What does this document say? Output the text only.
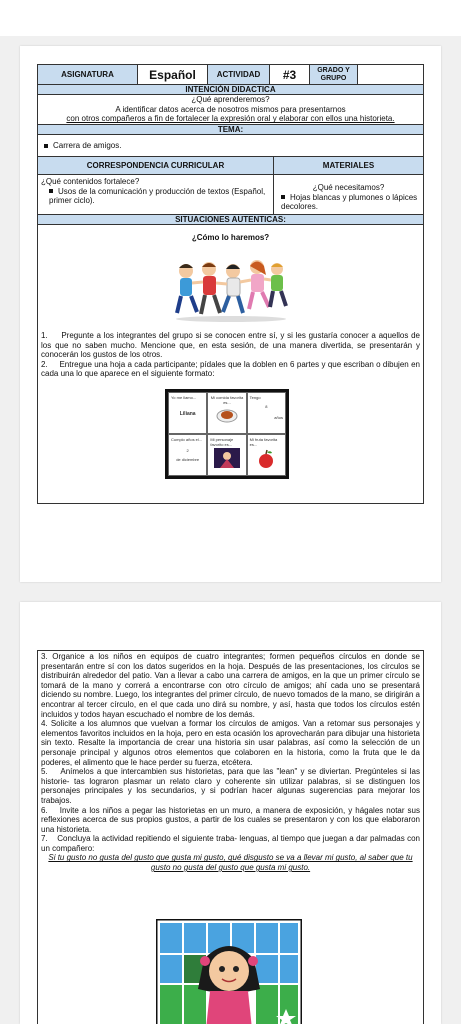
ASIGNATURA	Español	ACTIVIDAD	#3	GRADO Y GRUPO
INTENCIÓN DIDACTICA
¿Qué aprenderemos?
A identificar datos acerca de nosotros mismos para presentarnos
con otros compañeros a fin de fortalecer la expresión oral y elaborar con ellos una historieta.
TEMA:
Carrera de amigos.
CORRESPONDENCIA CURRICULAR	MATERIALES
¿Qué contenidos fortalece?
Usos de la comunicación y producción de textos (Español, primer ciclo).
¿Qué necesitamos?
Hojas blancas y plumones o lápices decolores.
SITUACIONES AUTENTICAS:
¿Cómo lo haremos?

1.     Pregunte a los integrantes del grupo si se conocen entre sí, y si les gustaría conocer a aquellos de los que no saben mucho. Mencione que, en esta sesión, de una manera divertida, se presentarán y conocerán los gustos de los otros.

2.     Entregue una hoja a cada participante; pídales que la doblen en 6 partes y que escriban o dibujen en cada una lo que aparece en el siguiente formato:

Yo me llamo...
Liliana
Mi comida favorita es...
Tengo
8
años
Cumplo años el...
2
de diciembre
Mi personaje favorito es...
Mi fruta favorita es...

3. Organice a los niños en equipos de cuatro integrantes; formen pequeños círculos en donde se presentarán entre sí con los datos sugeridos en la hoja. Después de las presentaciones, los círculos se distribuirán alrededor del patio. Van a llevar a cabo una carrera de amigos, en la que un primer círculo se tomará de la mano y correrá a encontrarse con otro círculo de amigos; ahí cada uno se presentará diciendo su nombre. Luego, los integrantes del primer círculo, de nuevo tomados de la mano, se dirigirán a encontrar al tercer círculo, en el que cada uno dirá su nombre, y así, hasta que todos los círculos estén incluidos y todos hayan escuchado el nombre de los demás.

4. Solicite a los alumnos que vuelvan a formar los círculos de amigos. Van a retomar sus personajes y elementos favoritos incluidos en la hoja, pero en esta ocasión los aprovecharán para dibujar una historieta sin texto. Resalte la importancia de crear una historia sin usar palabras, así como la selección de un personaje principal y algunos otros elementos que colaboren en la historia, como la fruta que le da poderes, el alimento que le hace perder su fuerza, etcétera.

5.    Anímelos a que intercambien sus historietas, para que las "lean" y se diviertan. Pregúnteles si las historie- tas lograron plasmar un relato claro y coherente sin utilizar palabras, si se distinguen los personajes principales y los secundarios, y si podrían hacer algunas sugerencias para mejorar los trabajos.

6.    Invite a los niños a pegar las historietas en un muro, a manera de exposición, y hágales notar sus reflexiones acerca de sus propios gustos, a partir de los cuales se presentaron y con los que elaboraron una historieta.

7.    Concluya la actividad repitiendo el siguiente traba- lenguas, al tiempo que juegan a dar palmadas con un compañero:

Si tu gusto no gusta del gusto que gusta mi gusto, qué disgusto se va a llevar mi gusto, al saber que tu gusto no gusta del gusto que gusta mi gusto.
